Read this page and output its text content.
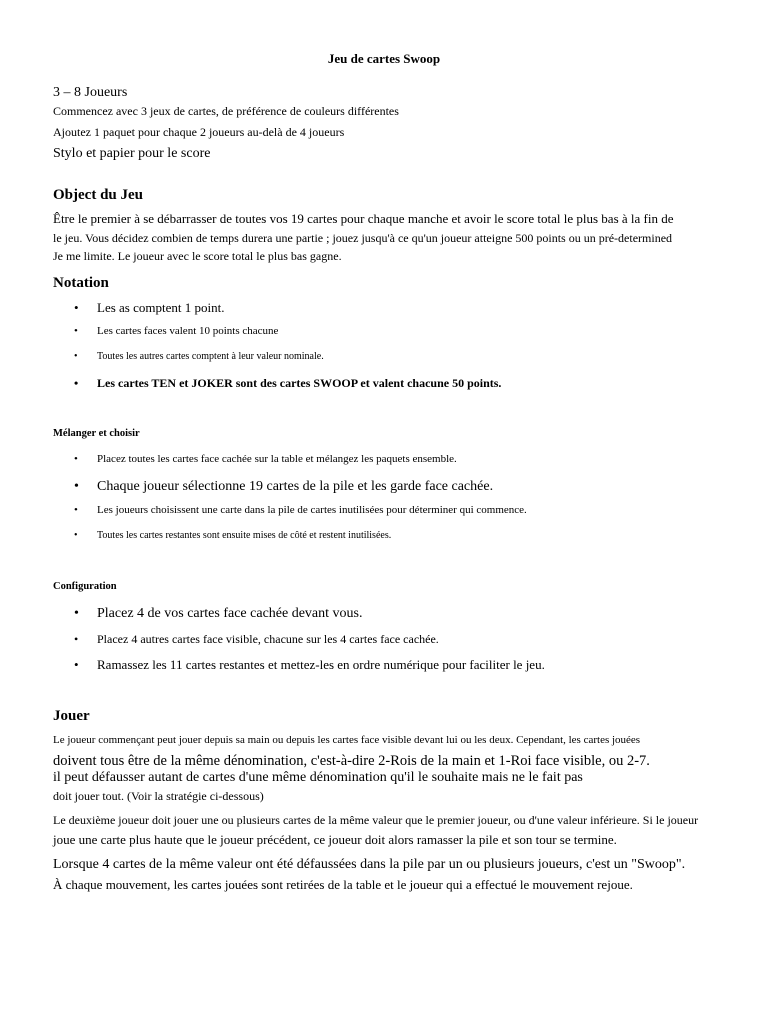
Jeu de cartes Swoop
3 – 8 Joueurs
Commencez avec 3 jeux de cartes, de préférence de couleurs différentes
Ajoutez 1 paquet pour chaque 2 joueurs au-delà de 4 joueurs
Stylo et papier pour le score
Object du Jeu
Être le premier à se débarrasser de toutes vos 19 cartes pour chaque manche et avoir le score total le plus bas à la fin de
le jeu. Vous décidez combien de temps durera une partie ; jouez jusqu'à ce qu'un joueur atteigne 500 points ou un pré-determined
Je me limite. Le joueur avec le score total le plus bas gagne.
Notation
•
Les as comptent 1 point.
•
Les cartes faces valent 10 points chacune
•
Toutes les autres cartes comptent à leur valeur nominale.
•
Les cartes TEN et JOKER sont des cartes SWOOP et valent chacune 50 points.
Mélanger et choisir
•
Placez toutes les cartes face cachée sur la table et mélangez les paquets ensemble.
•
Chaque joueur sélectionne 19 cartes de la pile et les garde face cachée.
•
Les joueurs choisissent une carte dans la pile de cartes inutilisées pour déterminer qui commence.
•
Toutes les cartes restantes sont ensuite mises de côté et restent inutilisées.
Configuration
•
Placez 4 de vos cartes face cachée devant vous.
•
Placez 4 autres cartes face visible, chacune sur les 4 cartes face cachée.
•
Ramassez les 11 cartes restantes et mettez-les en ordre numérique pour faciliter le jeu.
Jouer
Le joueur commençant peut jouer depuis sa main ou depuis les cartes face visible devant lui ou les deux. Cependant, les cartes jouées
doivent tous être de la même dénomination, c'est-à-dire 2-Rois de la main et 1-Roi face visible, ou 2-7.
il peut défausser autant de cartes d'une même dénomination qu'il le souhaite mais ne le fait pas
doit jouer tout. (Voir la stratégie ci-dessous)
Le deuxième joueur doit jouer une ou plusieurs cartes de la même valeur que le premier joueur, ou d'une valeur inférieure. Si le joueur
joue une carte plus haute que le joueur précédent, ce joueur doit alors ramasser la pile et son tour se termine.
Lorsque 4 cartes de la même valeur ont été défaussées dans la pile par un ou plusieurs joueurs, c'est un "Swoop".
À chaque mouvement, les cartes jouées sont retirées de la table et le joueur qui a effectué le mouvement rejoue.
